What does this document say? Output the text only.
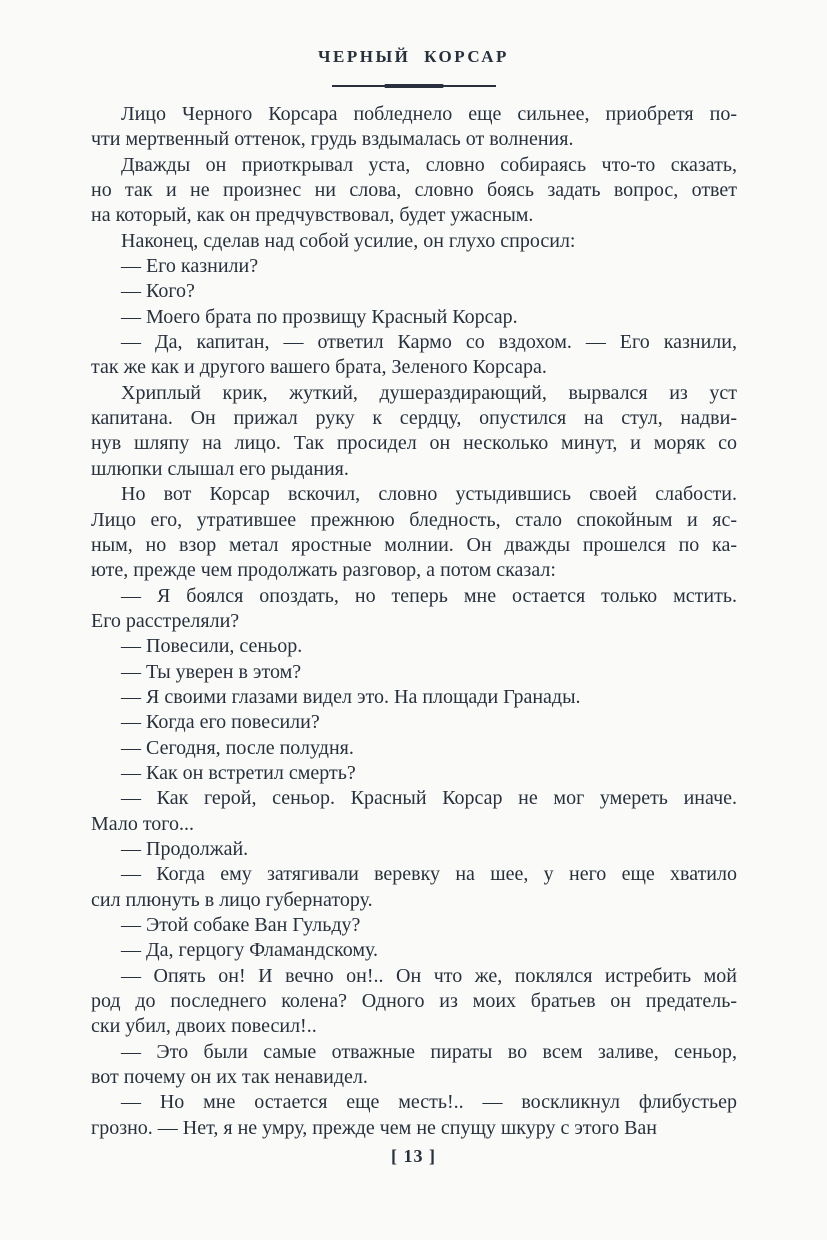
ЧЕРНЫЙ КОРСАР
Лицо Черного Корсара побледнело еще сильнее, приобретя по-
чти мертвенный оттенок, грудь вздымалась от волнения.
Дважды он приоткрывал уста, словно собираясь что-то сказать,
но так и не произнес ни слова, словно боясь задать вопрос, ответ
на который, как он предчувствовал, будет ужасным.
Наконец, сделав над собой усилие, он глухо спросил:
— Его казнили?
— Кого?
— Моего брата по прозвищу Красный Корсар.
— Да, капитан, — ответил Кармо со вздохом. — Его казнили,
так же как и другого вашего брата, Зеленого Корсара.
Хриплый крик, жуткий, душераздирающий, вырвался из уст
капитана. Он прижал руку к сердцу, опустился на стул, надви-
нув шляпу на лицо. Так просидел он несколько минут, и моряк со
шлюпки слышал его рыдания.
Но вот Корсар вскочил, словно устыдившись своей слабости.
Лицо его, утратившее прежнюю бледность, стало спокойным и яс-
ным, но взор метал яростные молнии. Он дважды прошелся по ка-
юте, прежде чем продолжать разговор, а потом сказал:
— Я боялся опоздать, но теперь мне остается только мстить.
Его расстреляли?
— Повесили, сеньор.
— Ты уверен в этом?
— Я своими глазами видел это. На площади Гранады.
— Когда его повесили?
— Сегодня, после полудня.
— Как он встретил смерть?
— Как герой, сеньор. Красный Корсар не мог умереть иначе.
Мало того...
— Продолжай.
— Когда ему затягивали веревку на шее, у него еще хватило
сил плюнуть в лицо губернатору.
— Этой собаке Ван Гульду?
— Да, герцогу Фламандскому.
— Опять он! И вечно он!.. Он что же, поклялся истребить мой
род до последнего колена? Одного из моих братьев он предатель-
ски убил, двоих повесил!..
— Это были самые отважные пираты во всем заливе, сеньор,
вот почему он их так ненавидел.
— Но мне остается еще месть!.. — воскликнул флибустьер
грозно. — Нет, я не умру, прежде чем не спущу шкуру с этого Ван
[ 13 ]
